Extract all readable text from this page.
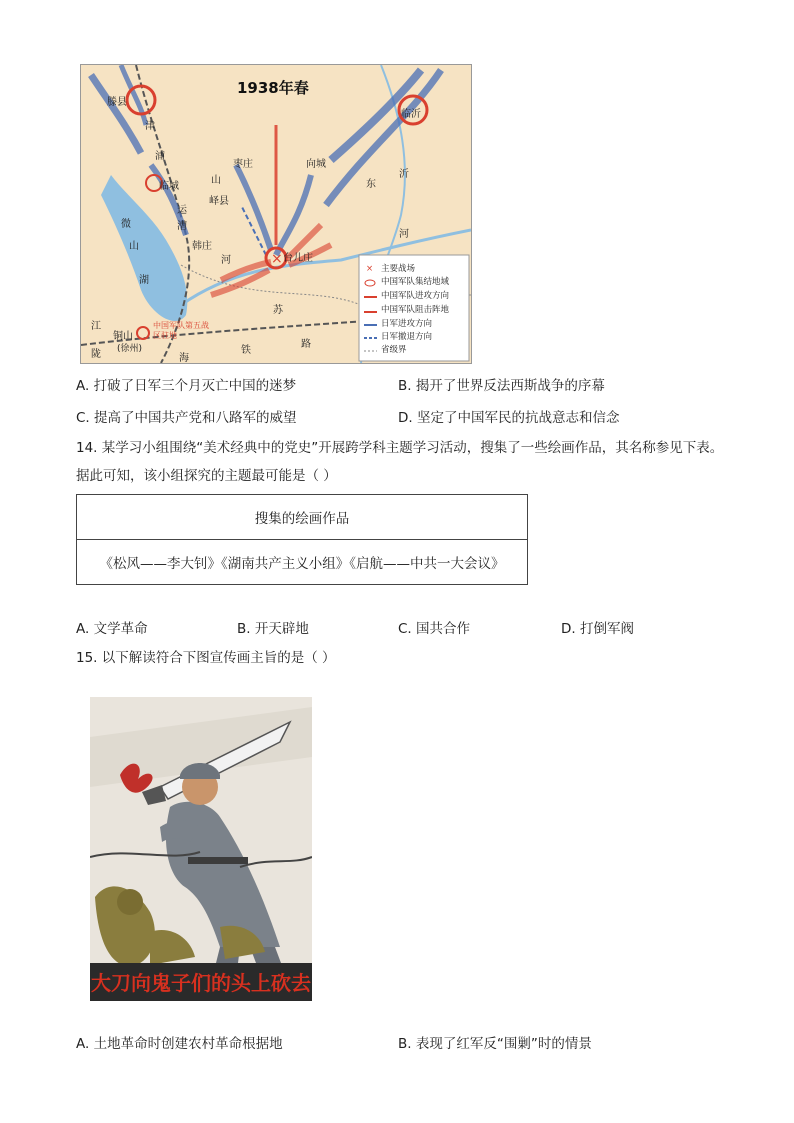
×
×
1938年春
滕县
临沂
枣庄	向城
临城
峄县
韩庄
台儿庄
铜山
(徐州)
中国军队第五战区驻地
津
浦
山	东
沂
河
河
运
漕
江
苏
陇	海
铁
路
微
山
湖
主要战场
中国军队集结地域
中国军队进攻方向
中国军队阻击阵地
日军进攻方向
日军撤退方向
省级界
A. 打破了日军三个月灭亡中国的迷梦	B. 揭开了世界反法西斯战争的序幕
C. 提高了中国共产党和八路军的威望	D. 坚定了中国军民的抗战意志和信念
14. 某学习小组围绕“美术经典中的党史”开展跨学科主题学习活动，搜集了一些绘画作品，其名称参见下表。据此可知，该小组探究的主题最可能是（ ）
搜集的绘画作品
《松风——李大钊》《湖南共产主义小组》《启航——中共一大会议》
A. 文学革命	B. 开天辟地	C. 国共合作	D. 打倒军阀
15. 以下解读符合下图宣传画主旨的是（ ）
大刀向鬼子们的头上砍去
A. 土地革命时创建农村革命根据地	B. 表现了红军反“围剿”时的情景
